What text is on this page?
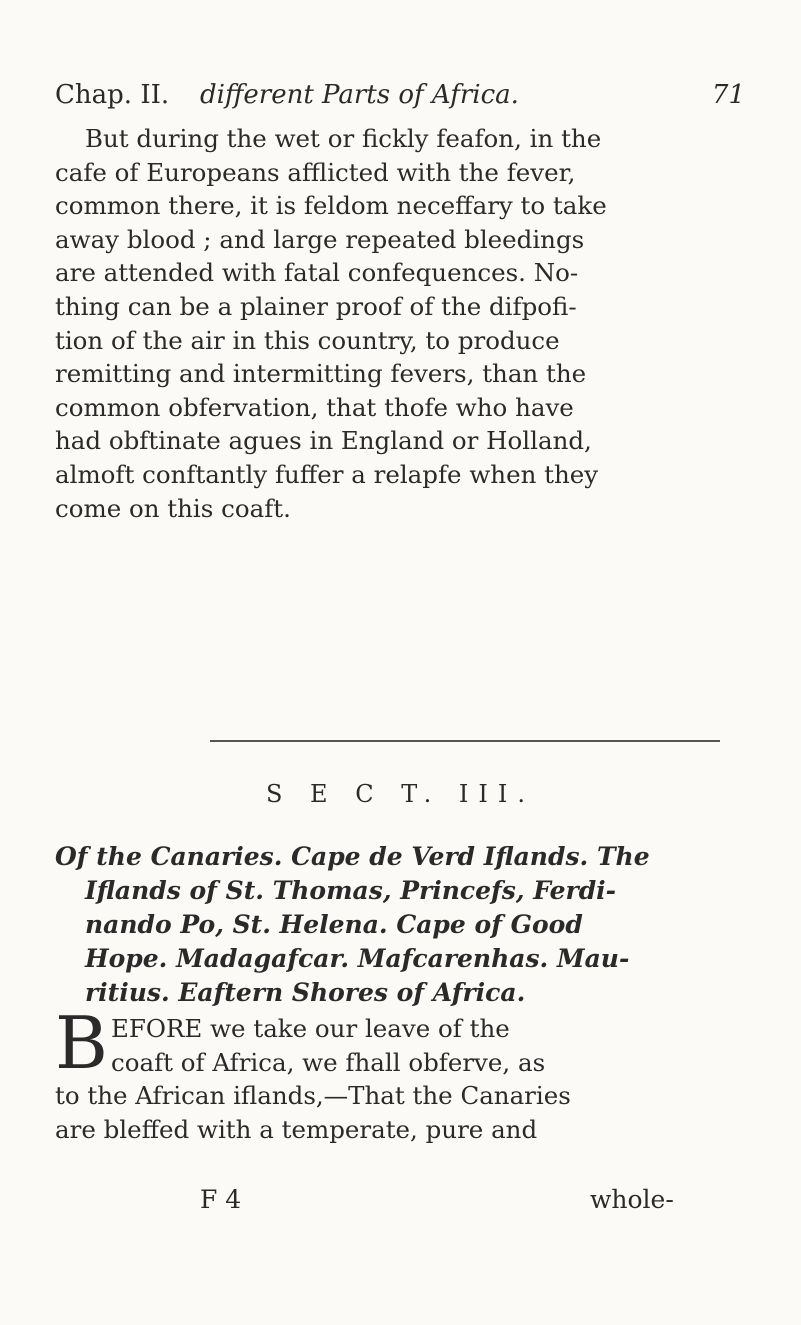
Chap. II. different Parts of Africa.	71
But during the wet or fickly feafon, in the
cafe of Europeans afflicted with the fever,
common there, it is feldom neceffary to take
away blood ; and large repeated bleedings
are attended with fatal confequences. No-
thing can be a plainer proof of the difpofi-
tion of the air in this country, to produce
remitting and intermitting fevers, than the
common obfervation, that thofe who have
had obftinate agues in England or Holland,
almoft conftantly fuffer a relapfe when they
come on this coaft.
S E C T. III.
Of the Canaries. Cape de Verd Iflands. The
Iflands of St. Thomas, Princefs, Ferdi-
nando Po, St. Helena. Cape of Good
Hope. Madagafcar. Mafcarenhas. Mau-
ritius. Eaftern Shores of Africa.
B EFORE we take our leave of the
coaft of Africa, we fhall obferve, as
to the African iflands,—That the Canaries
are bleffed with a temperate, pure and
F 4	whole-
